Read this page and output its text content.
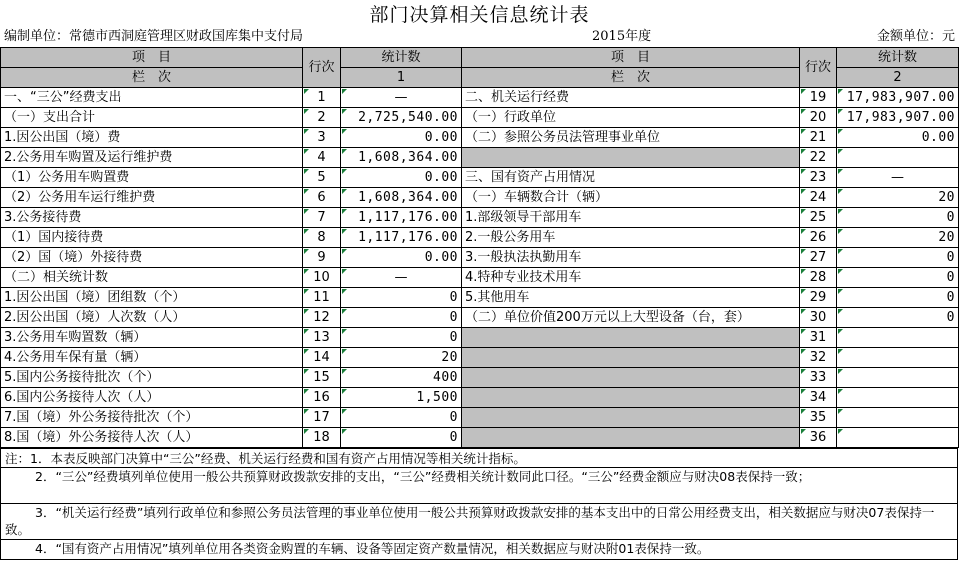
部门决算相关信息统计表
编制单位：常德市西洞庭管理区财政国库集中支付局	2015年度	金额单位：元
项　目	行次	统计数	项　目	行次	统计数
栏　次		1	栏　次		2
一、“三公”经费支出	1	—	二、机关运行经费	19	17,983,907.00
（一）支出合计	2	2,725,540.00	（一）行政单位	20	17,983,907.00
1.因公出国（境）费	3	0.00	（二）参照公务员法管理事业单位	21	0.00
2.公务用车购置及运行维护费	4	1,608,364.00		22	
（1）公务用车购置费	5	0.00	三、国有资产占用情况	23	—
（2）公务用车运行维护费	6	1,608,364.00	（一）车辆数合计（辆）	24	20
3.公务接待费	7	1,117,176.00	1.部级领导干部用车	25	0
（1）国内接待费	8	1,117,176.00	2.一般公务用车	26	20
（2）国（境）外接待费	9	0.00	3.一般执法执勤用车	27	0
（二）相关统计数	10	—	4.特种专业技术用车	28	0
1.因公出国（境）团组数（个）	11	0	5.其他用车	29	0
2.因公出国（境）人次数（人）	12	0	（二）单位价值200万元以上大型设备（台，套）	30	0
3.公务用车购置数（辆）	13	0		31	
4.公务用车保有量（辆）	14	20		32	
5.国内公务接待批次（个）	15	400		33	
6.国内公务接待人次（人）	16	1,500		34	
7.国（境）外公务接待批次（个）	17	0		35	
8.国（境）外公务接待人次（人）	18	0		36	
注：1．本表反映部门决算中“三公”经费、机关运行经费和国有资产占用情况等相关统计指标。
2．“三公”经费填列单位使用一般公共预算财政拨款安排的支出，“三公”经费相关统计数同此口径。“三公”经费金额应与财决08表保持一致；
3．“机关运行经费”填列行政单位和参照公务员法管理的事业单位使用一般公共预算财政拨款安排的基本支出中的日常公用经费支出，相关数据应与财决07表保持一致。
4．“国有资产占用情况”填列单位用各类资金购置的车辆、设备等固定资产数量情况，相关数据应与财决附01表保持一致。
